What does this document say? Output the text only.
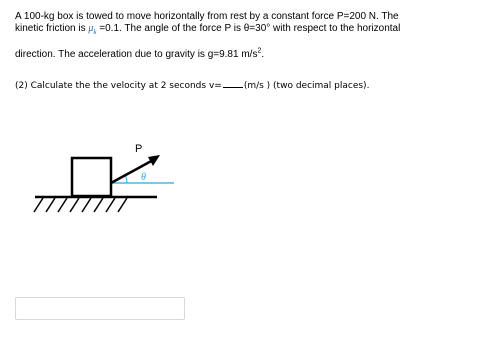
A 100-kg box is towed to move horizontally from rest by a constant force P=200 N. The
kinetic friction is $\mu_k =0.1$. The angle of the force P is θ=30° with respect to the horizontal
direction. The acceleration due to gravity is g=9.81 $m/s^2$.
(2) Calculate the the velocity at 2 seconds v= (m/s ) (two decimal places).
P
θ
